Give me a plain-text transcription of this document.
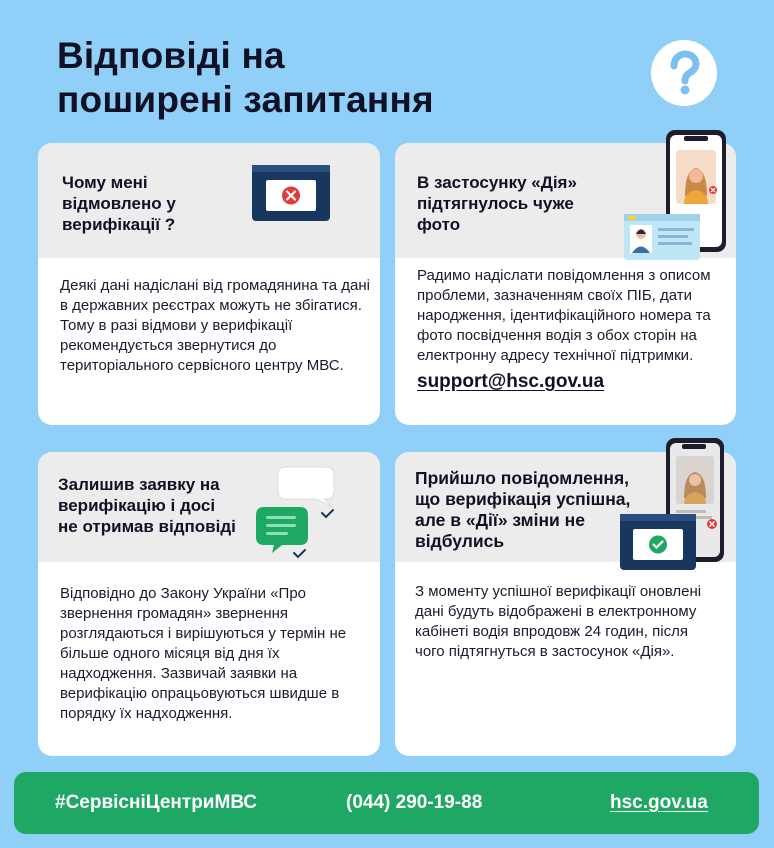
Відповіді на
поширені запитання
Чому мені відмовлено у верифікації ?

Деякі дані надіслані від громадянина та дані в державних реєстрах можуть не збігатися. Тому в разі відмови у верифікації рекомендується звернутися до територіального сервісного центру МВС.

В застосунку «Дія» підтягнулось чуже фото

Радимо надіслати повідомлення з описом проблеми, зазначенням своїх ПІБ, дати народження, ідентифікаційного номера та фото посвідчення водія з обох сторін на електронну адресу технічної підтримки.

support@hsc.gov.ua
Залишив заявку на верифікацію і досі не отримав відповіді

Відповідно до Закону України «Про звернення громадян» звернення розглядаються і вирішуються у термін не більше одного місяця від дня їх надходження. Зазвичай заявки на верифікацію опрацьовуються швидше в порядку їх надходження.

Прийшло повідомлення, що верифікація успішна, але в «Дії» зміни не відбулись

З моменту успішної верифікації оновлені дані будуть відображені в електронному кабінеті водія впродовж 24 годин, після чого підтягнуться в застосунок «Дія».

#СервісніЦентриМВС	(044) 290-19-88	hsc.gov.ua
